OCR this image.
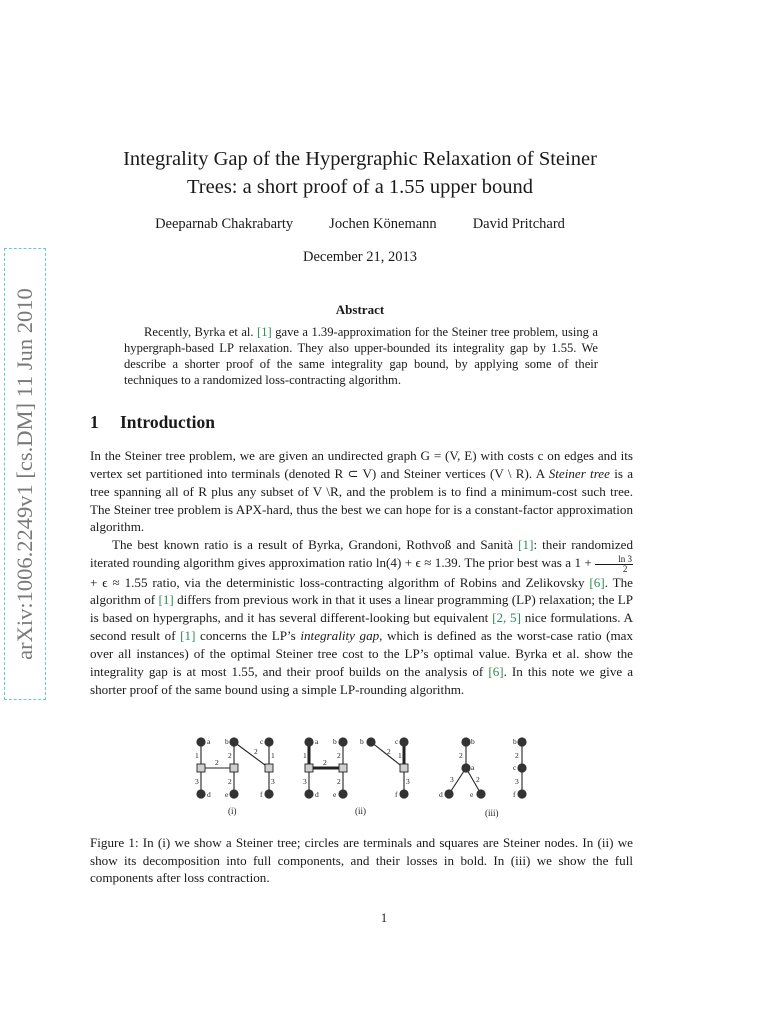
arXiv:1006.2249v1 [cs.DM] 11 Jun 2010
Integrality Gap of the Hypergraphic Relaxation of Steiner
Trees: a short proof of a 1.55 upper bound
Deeparnab Chakrabarty Jochen Könemann David Pritchard
December 21, 2013
Abstract

Recently, Byrka et al. [1] gave a 1.39-approximation for the Steiner tree problem, using a hypergraph-based LP relaxation. They also upper-bounded its integrality gap by 1.55. We describe a shorter proof of the same integrality gap bound, by applying some of their techniques to a randomized loss-contracting algorithm.

1 Introduction

In the Steiner tree problem, we are given an undirected graph G = (V, E) with costs c on edges and its vertex set partitioned into terminals (denoted R ⊂ V) and Steiner vertices (V \ R). A Steiner tree is a tree spanning all of R plus any subset of V \R, and the problem is to find a minimum-cost such tree. The Steiner tree problem is APX-hard, thus the best we can hope for is a constant-factor approximation algorithm.

The best known ratio is a result of Byrka, Grandoni, Rothvoß and Sanità [1]: their randomized iterated rounding algorithm gives approximation ratio ln(4) + ϵ ≈ 1.39. The prior best was a $1 + \frac{\ln 3}{2}$
+ ϵ ≈ 1.55 ratio, via the deterministic loss-contracting algorithm of Robins and Zelikovsky [6]. The algorithm of [1] differs from previous work in that it uses a linear programming (LP) relaxation; the LP is based on hypergraphs, and it has several different-looking but equivalent [2, 5] nice formulations. A second result of [1] concerns the LP’s integrality gap, which is defined as the worst-case ratio (max over all instances) of the optimal Steiner tree cost to the LP’s optimal value. Byrka et al. show the integrality gap is at most 1.55, and their proof builds on the analysis of [6]. In this note we give a shorter proof of the same bound using a simple LP-rounding algorithm.

a b	c
d e	f
1
3
2
2
2
2 1
3
(i)
a b
d e
b	c
f
1
3
2
2
2
2 1
3
(ii)
b
a
d	e
b
c
f
2
3	2
2
3
(iii)
Figure 1: In (i) we show a Steiner tree; circles are terminals and squares are Steiner nodes. In (ii) we show its decomposition into full components, and their losses in bold. In (iii) we show the full components after loss contraction.
1
